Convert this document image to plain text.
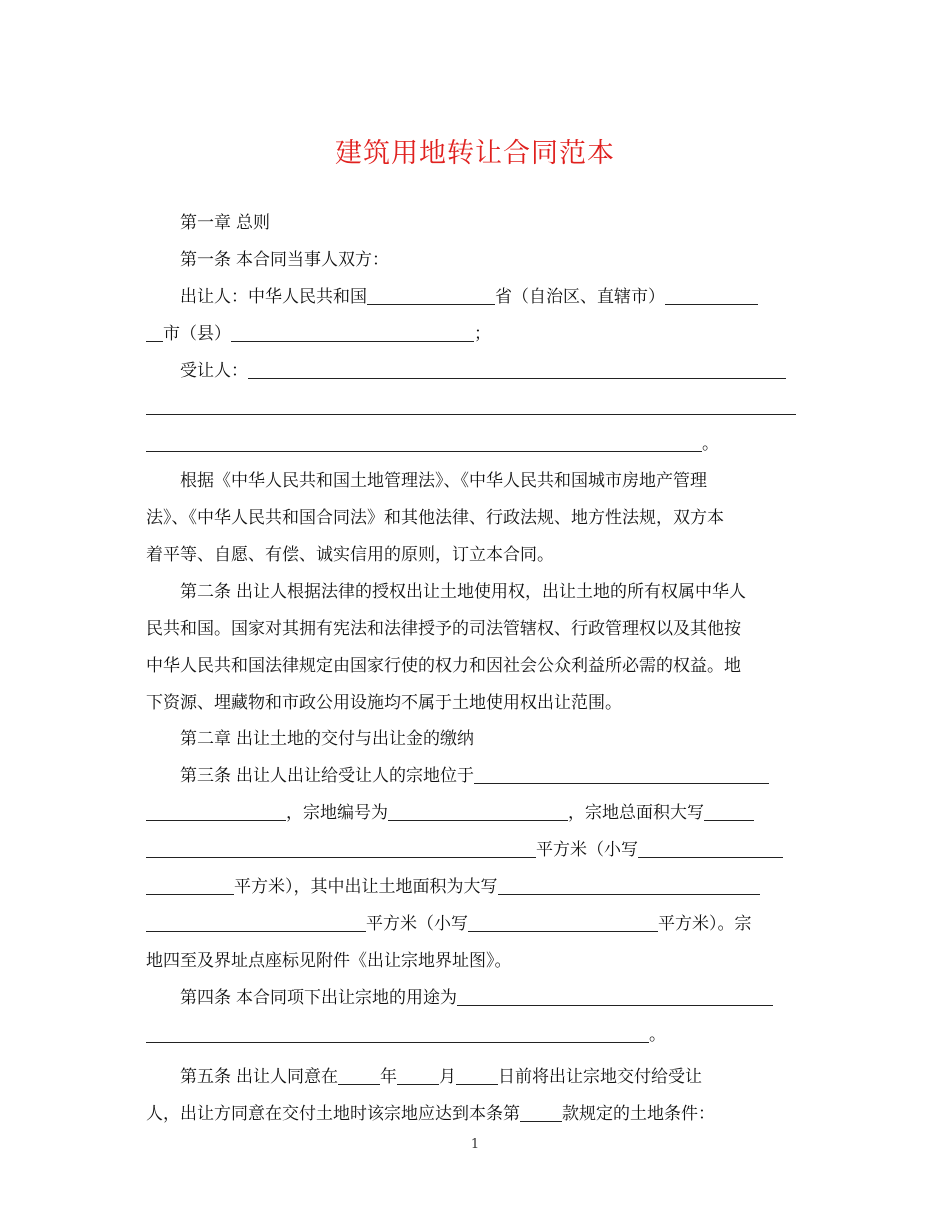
建筑用地转让合同范本
第一章 总则
第一条 本合同当事人双方：
出让人：中华人民共和国	省（自治区、直辖市）
市（县）	；
受让人：
。
根据《中华人民共和国土地管理法》、《中华人民共和国城市房地产管理
法》、《中华人民共和国合同法》和其他法律、行政法规、地方性法规，双方本
着平等、自愿、有偿、诚实信用的原则，订立本合同。
第二条 出让人根据法律的授权出让土地使用权，出让土地的所有权属中华人
民共和国。国家对其拥有宪法和法律授予的司法管辖权、行政管理权以及其他按
中华人民共和国法律规定由国家行使的权力和因社会公众利益所必需的权益。地
下资源、埋藏物和市政公用设施均不属于土地使用权出让范围。
第二章 出让土地的交付与出让金的缴纳
第三条 出让人出让给受让人的宗地位于
，宗地编号为	，宗地总面积大写
平方米（小写
平方米），其中出让土地面积为大写
平方米（小写	平方米）。宗
地四至及界址点座标见附件《出让宗地界址图》。
第四条 本合同项下出让宗地的用途为
。
第五条 出让人同意在 年 月 日前将出让宗地交付给受让
人，出让方同意在交付土地时该宗地应达到本条第 款规定的土地条件：
1
